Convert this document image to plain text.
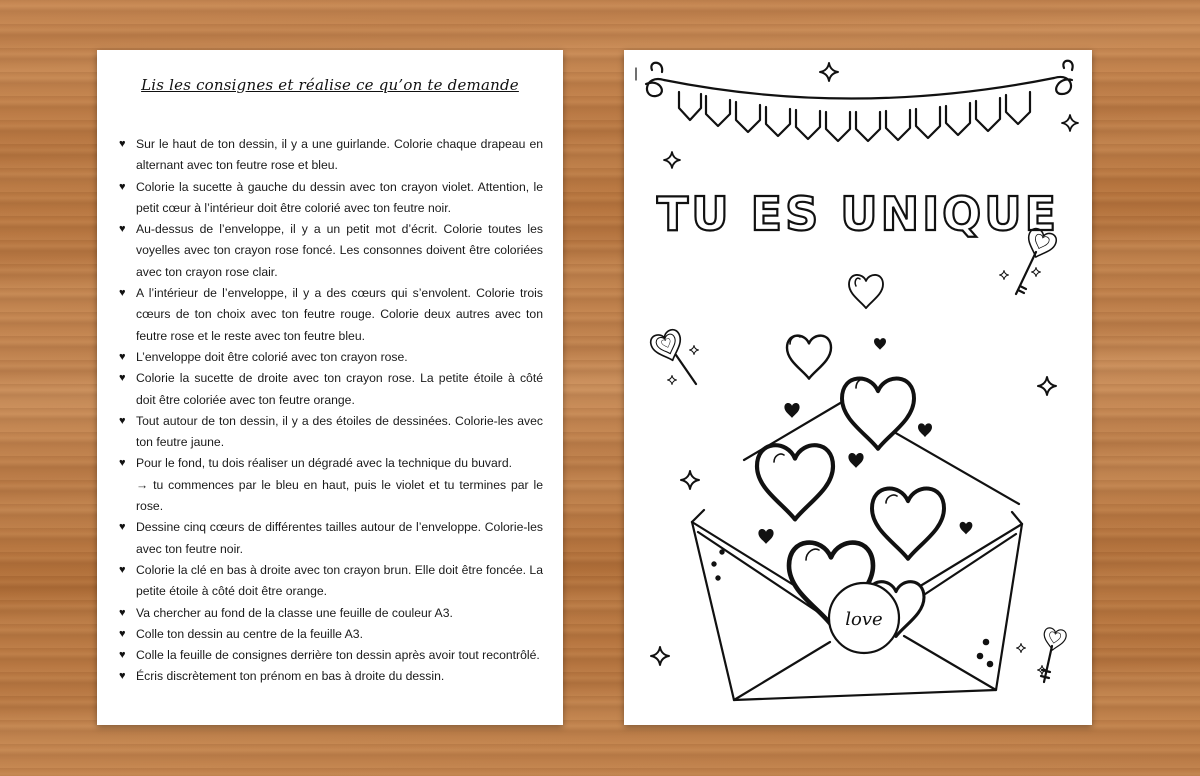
Lis les consignes et réalise ce qu’on te demande
♥ Sur le haut de ton dessin, il y a une guirlande. Colorie chaque drapeau en alternant avec ton feutre rose et bleu.
♥ Colorie la sucette à gauche du dessin avec ton crayon violet. Attention, le petit cœur à l’intérieur doit être colorié avec ton feutre noir.
♥ Au-dessus de l’enveloppe, il y a un petit mot d’écrit. Colorie toutes les voyelles avec ton crayon rose foncé. Les consonnes doivent être coloriées avec ton crayon rose clair.
♥ A l’intérieur de l’enveloppe, il y a des cœurs qui s’envolent. Colorie trois cœurs de ton choix avec ton feutre rouge. Colorie deux autres avec ton feutre rose et le reste avec ton feutre bleu.
♥ L’enveloppe doit être colorié avec ton crayon rose.
♥ Colorie la sucette de droite avec ton crayon rose. La petite étoile à côté doit être coloriée avec ton feutre orange.
♥ Tout autour de ton dessin, il y a des étoiles de dessinées. Colorie-les avec ton feutre jaune.
♥ Pour le fond, tu dois réaliser un dégradé avec la technique du buvard.
→ tu commences par le bleu en haut, puis le violet et tu termines par le rose.
♥ Dessine cinq cœurs de différentes tailles autour de l’enveloppe. Colorie-les avec ton feutre noir.
♥ Colorie la clé en bas à droite avec ton crayon brun. Elle doit être foncée. La petite étoile à côté doit être orange.
♥ Va chercher au fond de la classe une feuille de couleur A3.
♥ Colle ton dessin au centre de la feuille A3.
♥ Colle la feuille de consignes derrière ton dessin après avoir tout recontrôlé.
♥ Écris discrètement ton prénom en bas à droite du dessin.
TU ES UNIQUE
love
